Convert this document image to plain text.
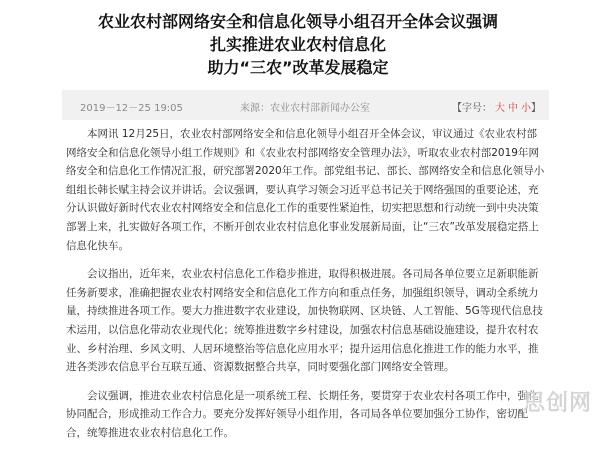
农业农村部网络安全和信息化领导小组召开全体会议强调
扎实推进农业农村信息化
助力“三农”改革发展稳定
2019－12－25 19:05	来源：农业农村部新闻办公室	【字号： 大 中 小】

本网讯 12月25日，农业农村部网络安全和信息化领导小组召开全体会议，审议通过《农业农村部网络安全和信息化领导小组工作规则》和《农业农村部网络安全管理办法》，听取农业农村部2019年网络安全和信息化工作情况汇报，研究部署2020年工作。部党组书记、部长、部网络安全和信息化领导小组组长韩长赋主持会议并讲话。会议强调，要认真学习领会习近平总书记关于网络强国的重要论述，充分认识做好新时代农业农村网络安全和信息化工作的重要性紧迫性，切实把思想和行动统一到中央决策部署上来，扎实做好各项工作，不断开创农业农村信息化事业发展新局面，让“三农”改革发展稳定搭上信息化快车。

会议指出，近年来，农业农村信息化工作稳步推进，取得积极进展。各司局各单位要立足新职能新任务新要求，准确把握农业农村网络安全和信息化工作方向和重点任务，加强组织领导，调动全系统力量，持续推进各项工作。要大力推进数字农业建设，加快物联网、区块链、人工智能、5G等现代信息技术运用，以信息化带动农业现代化；统筹推进数字乡村建设，加强农村信息基础设施建设，提升农村农业、乡村治理、乡风文明、人居环境整治等信息化应用水平；提升运用信息化推进工作的能力水平，推进各类涉农信息平台互联互通、资源数据整合共享，同时要强化部门网络安全管理。

会议强调，推进农业农村信息化是一项系统工程、长期任务，要贯穿于农业农村各项工作中，强化协同配合，形成推动工作合力。要充分发挥好领导小组作用，各司局各单位要加强分工协作，密切配合，统筹推进农业农村信息化工作。

思创网
